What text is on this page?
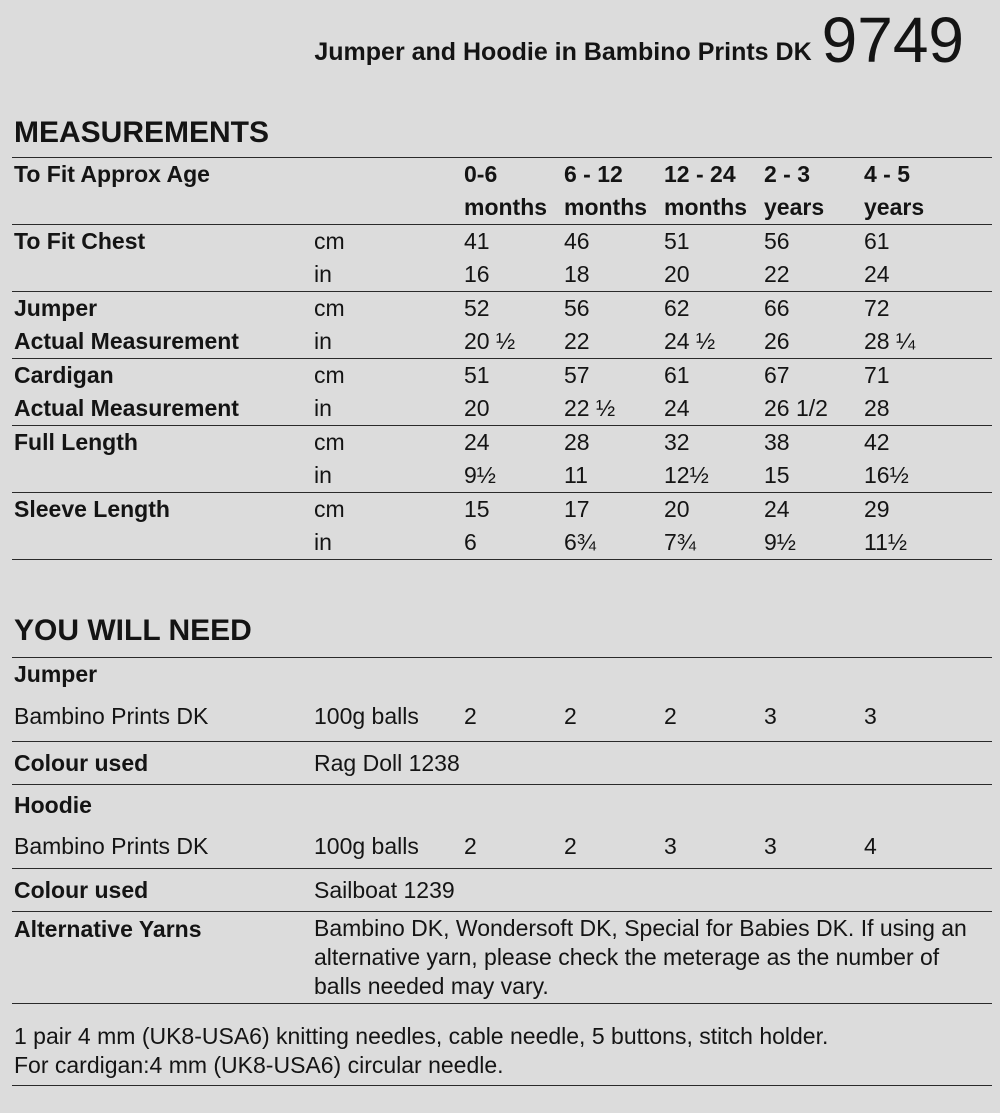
Jumper and Hoodie in Bambino Prints DK 9749
MEASUREMENTS
To Fit Approx Age		0-6	6 - 12	12 - 24	2 - 3	4 - 5
		months	months	months	years	years
To Fit Chest	cm	41	46	51	56	61
	in	16	18	20	22	24
Jumper	cm	52	56	62	66	72
Actual Measurement	in	20 ½	22	24 ½	26	28 ¼
Cardigan	cm	51	57	61	67	71
Actual Measurement	in	20	22 ½	24	26 1/2	28
Full Length	cm	24	28	32	38	42
	in	9½	11	12½	15	16½
Sleeve Length	cm	15	17	20	24	29
	in	6	6¾	7¾	9½	11½
YOU WILL NEED
Jumper						
Bambino Prints DK	100g balls	2	2	2	3	3
Colour used	Rag Doll 1238					
Hoodie						
Bambino Prints DK	100g balls	2	2	3	3	4
Colour used	Sailboat 1239					
Alternative Yarns	Bambino DK, Wondersoft DK, Special for Babies DK. If using an alternative yarn, please check the meterage as the number of balls needed may vary.					
1 pair 4 mm (UK8-USA6) knitting needles, cable needle, 5 buttons, stitch holder.
For cardigan:4 mm (UK8-USA6) circular needle.
